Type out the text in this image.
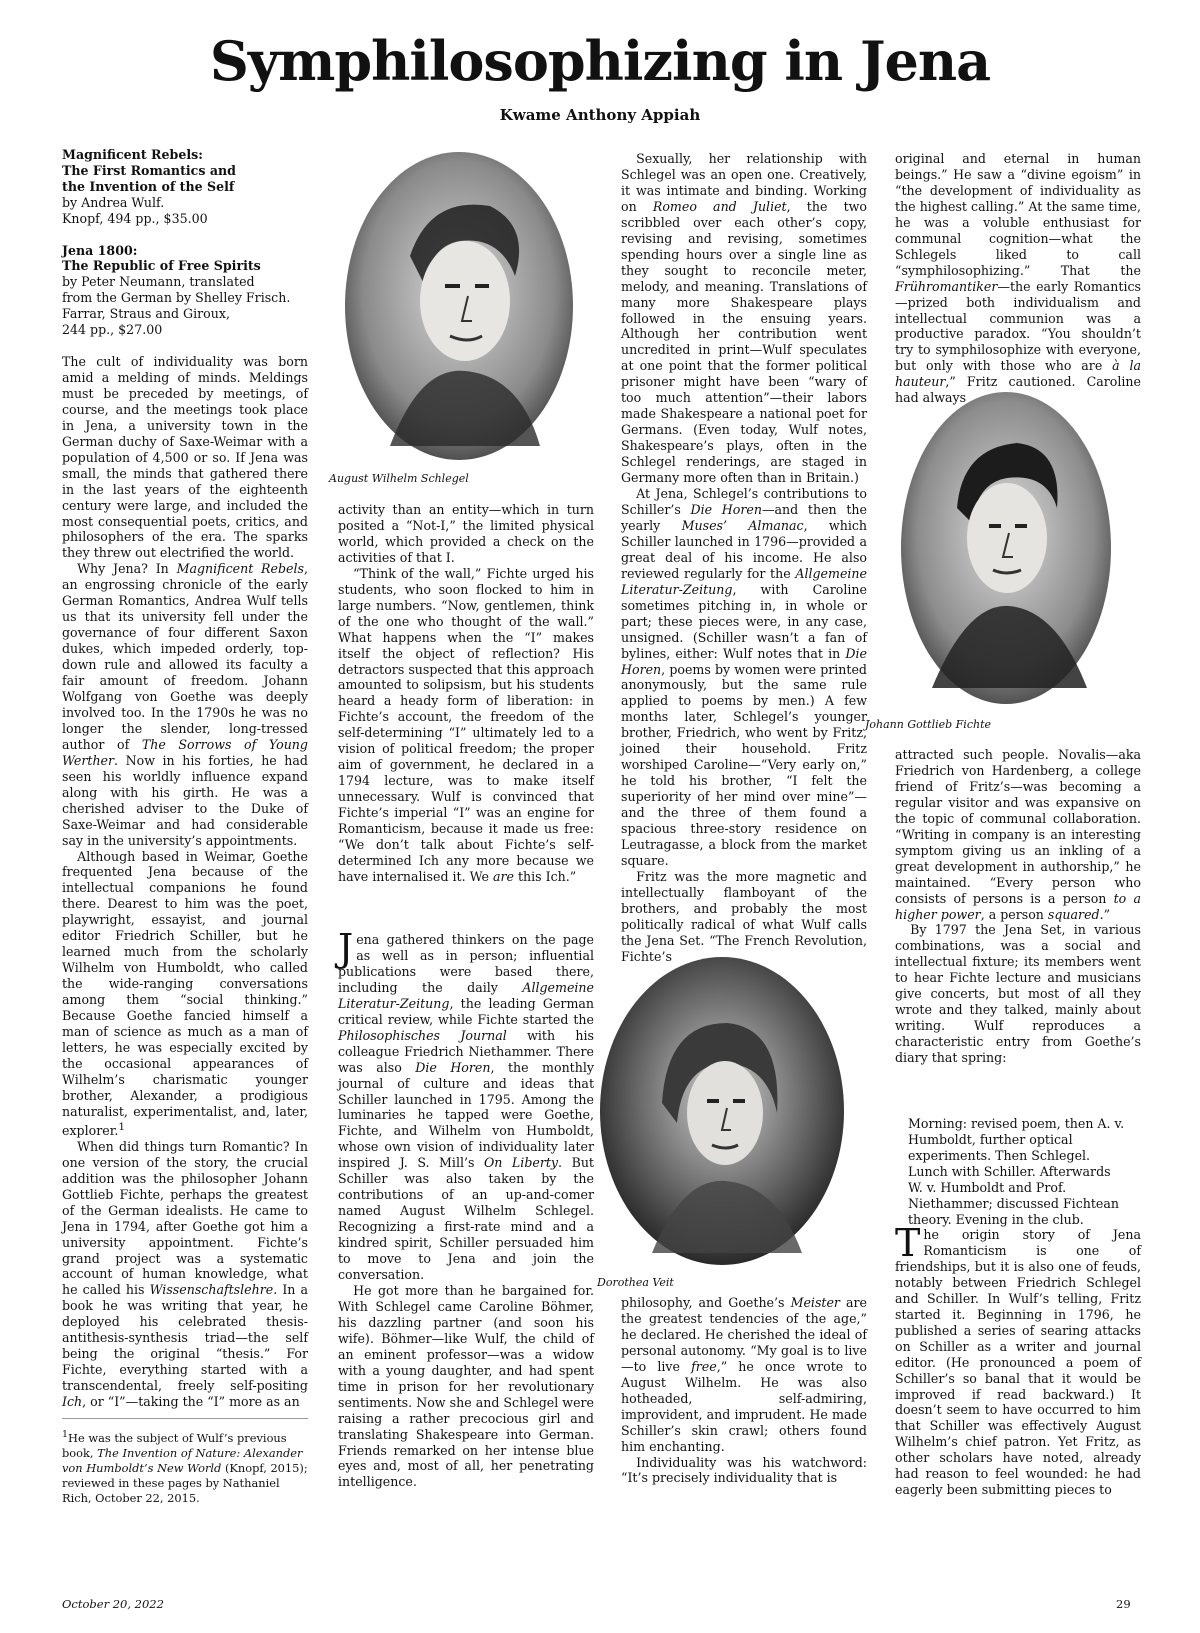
Symphilosophizing in Jena
Kwame Anthony Appiah
Magnificent Rebels:
The First Romantics and
the Invention of the Self
by Andrea Wulf.
Knopf, 494 pp., $35.00
Jena 1800:
The Republic of Free Spirits
by Peter Neumann, translated
from the German by Shelley Frisch.
Farrar, Straus and Giroux,
244 pp., $27.00

The cult of individuality was born amid a melding of minds. Meldings must be preceded by meetings, of course, and the meetings took place in Jena, a university town in the German duchy of Saxe-Weimar with a population of 4,500 or so. If Jena was small, the minds that gathered there in the last years of the eighteenth century were large, and included the most consequential poets, critics, and philosophers of the era. The sparks they threw out electrified the world.

Why Jena? In Magnificent Rebels, an engrossing chronicle of the early German Romantics, Andrea Wulf tells us that its university fell under the governance of four different Saxon dukes, which impeded orderly, top-down rule and allowed its faculty a fair amount of freedom. Johann Wolfgang von Goethe was deeply involved too. In the 1790s he was no longer the slender, long-tressed author of The Sorrows of Young Werther. Now in his forties, he had seen his worldly influence expand along with his girth. He was a cherished adviser to the Duke of Saxe-Weimar and had considerable say in the university’s appointments.

Although based in Weimar, Goethe frequented Jena because of the intellectual companions he found there. Dearest to him was the poet, playwright, essayist, and journal editor Friedrich Schiller, but he learned much from the scholarly Wilhelm von Humboldt, who called the wide-ranging conversations among them “social thinking.” Because Goethe fancied himself a man of science as much as a man of letters, he was especially excited by the occasional appearances of Wilhelm’s charismatic younger brother, Alexander, a prodigious naturalist, experimentalist, and, later, explorer.$^1$

When did things turn Romantic? In one version of the story, the crucial addition was the philosopher Johann Gottlieb Fichte, perhaps the greatest of the German idealists. He came to Jena in 1794, after Goethe got him a university appointment. Fichte’s grand project was a systematic account of human knowledge, what he called his Wissenschaftslehre. In a book he was writing that year, he deployed his celebrated thesis-antithesis-synthesis triad—the self being the original “thesis.” For Fichte, everything started with a transcendental, freely self-positing Ich, or “I”—taking the “I” more as an

$^1$He was the subject of Wulf’s previous book, The Invention of Nature: Alexander von Humboldt’s New World (Knopf, 2015); reviewed in these pages by Nathaniel Rich, October 22, 2015.
August Wilhelm Schlegel

activity than an entity—which in turn posited a “Not-I,” the limited physical world, which provided a check on the activities of that I.

“Think of the wall,” Fichte urged his students, who soon flocked to him in large numbers. “Now, gentlemen, think of the one who thought of the wall.” What happens when the “I” makes itself the object of reflection? His detractors suspected that this approach amounted to solipsism, but his students heard a heady form of liberation: in Fichte’s account, the freedom of the self-determining “I” ultimately led to a vision of political freedom; the proper aim of government, he declared in a 1794 lecture, was to make itself unnecessary. Wulf is convinced that Fichte’s imperial “I” was an engine for Romanticism, because it made us free: “We don’t talk about Fichte’s self-determined Ich any more because we have internalised it. We are this Ich.”

Jena gathered thinkers on the page as well as in person; influential publications were based there, including the daily Allgemeine Literatur-Zeitung, the leading German critical review, while Fichte started the Philosophisches Journal with his colleague Friedrich Niethammer. There was also Die Horen, the monthly journal of culture and ideas that Schiller launched in 1795. Among the luminaries he tapped were Goethe, Fichte, and Wilhelm von Humboldt, whose own vision of individuality later inspired J. S. Mill’s On Liberty. But Schiller was also taken by the contributions of an up-and-comer named August Wilhelm Schlegel. Recognizing a first-rate mind and a kindred spirit, Schiller persuaded him to move to Jena and join the conversation.

He got more than he bargained for. With Schlegel came Caroline Böhmer, his dazzling partner (and soon his wife). Böhmer—like Wulf, the child of an eminent professor—was a widow with a young daughter, and had spent time in prison for her revolutionary sentiments. Now she and Schlegel were raising a rather precocious girl and translating Shakespeare into German. Friends remarked on her intense blue eyes and, most of all, her penetrating intelligence.

Sexually, her relationship with Schlegel was an open one. Creatively, it was intimate and binding. Working on Romeo and Juliet, the two scribbled over each other’s copy, revising and revising, sometimes spending hours over a single line as they sought to reconcile meter, melody, and meaning. Translations of many more Shakespeare plays followed in the ensuing years. Although her contribution went uncredited in print—Wulf speculates at one point that the former political prisoner might have been “wary of too much attention”—their labors made Shakespeare a national poet for Germans. (Even today, Wulf notes, Shakespeare’s plays, often in the Schlegel renderings, are staged in Germany more often than in Britain.)

At Jena, Schlegel’s contributions to Schiller’s Die Horen—and then the yearly Muses’ Almanac, which Schiller launched in 1796—provided a great deal of his income. He also reviewed regularly for the Allgemeine Literatur-Zeitung, with Caroline sometimes pitching in, in whole or part; these pieces were, in any case, unsigned. (Schiller wasn’t a fan of bylines, either: Wulf notes that in Die Horen, poems by women were printed anonymously, but the same rule applied to poems by men.) A few months later, Schlegel’s younger brother, Friedrich, who went by Fritz, joined their household. Fritz worshiped Caroline—“Very early on,” he told his brother, “I felt the superiority of her mind over mine”—and the three of them found a spacious three-story residence on Leutragasse, a block from the market square.

Fritz was the more magnetic and intellectually flamboyant of the brothers, and probably the most politically radical of what Wulf calls the Jena Set. “The French Revolution, Fichte’s

Dorothea Veit

philosophy, and Goethe’s Meister are the greatest tendencies of the age,” he declared. He cherished the ideal of personal autonomy. “My goal is to live—to live free,” he once wrote to August Wilhelm. He was also hotheaded, self-admiring, improvident, and imprudent. He made Schiller’s skin crawl; others found him enchanting.

Individuality was his watchword: “It’s precisely individuality that is

original and eternal in human beings.” He saw a “divine egoism” in “the development of individuality as the highest calling.” At the same time, he was a voluble enthusiast for communal cognition—what the Schlegels liked to call “symphilosophizing.” That the Frühromantiker—the early Romantics—prized both individualism and intellectual communion was a productive paradox. “You shouldn’t try to symphilosophize with everyone, but only with those who are à la hauteur,” Fritz cautioned. Caroline had always

Johann Gottlieb Fichte

attracted such people. Novalis—aka Friedrich von Hardenberg, a college friend of Fritz’s—was becoming a regular visitor and was expansive on the topic of communal collaboration. “Writing in company is an interesting symptom giving us an inkling of a great development in authorship,” he maintained. “Every person who consists of persons is a person to a higher power, a person squared.”

By 1797 the Jena Set, in various combinations, was a social and intellectual fixture; its members went to hear Fichte lecture and musicians give concerts, but most of all they wrote and they talked, mainly about writing. Wulf reproduces a characteristic entry from Goethe’s diary that spring:

Morning: revised poem, then A. v. Humboldt, further optical experiments. Then Schlegel. Lunch with Schiller. Afterwards W. v. Humboldt and Prof. Niethammer; discussed Fichtean theory. Evening in the club.

The origin story of Jena Romanticism is one of friendships, but it is also one of feuds, notably between Friedrich Schlegel and Schiller. In Wulf’s telling, Fritz started it. Beginning in 1796, he published a series of searing attacks on Schiller as a writer and journal editor. (He pronounced a poem of Schiller’s so banal that it would be improved if read backward.) It doesn’t seem to have occurred to him that Schiller was effectively August Wilhelm’s chief patron. Yet Fritz, as other scholars have noted, already had reason to feel wounded: he had eagerly been submitting pieces to

October 20, 2022	29
